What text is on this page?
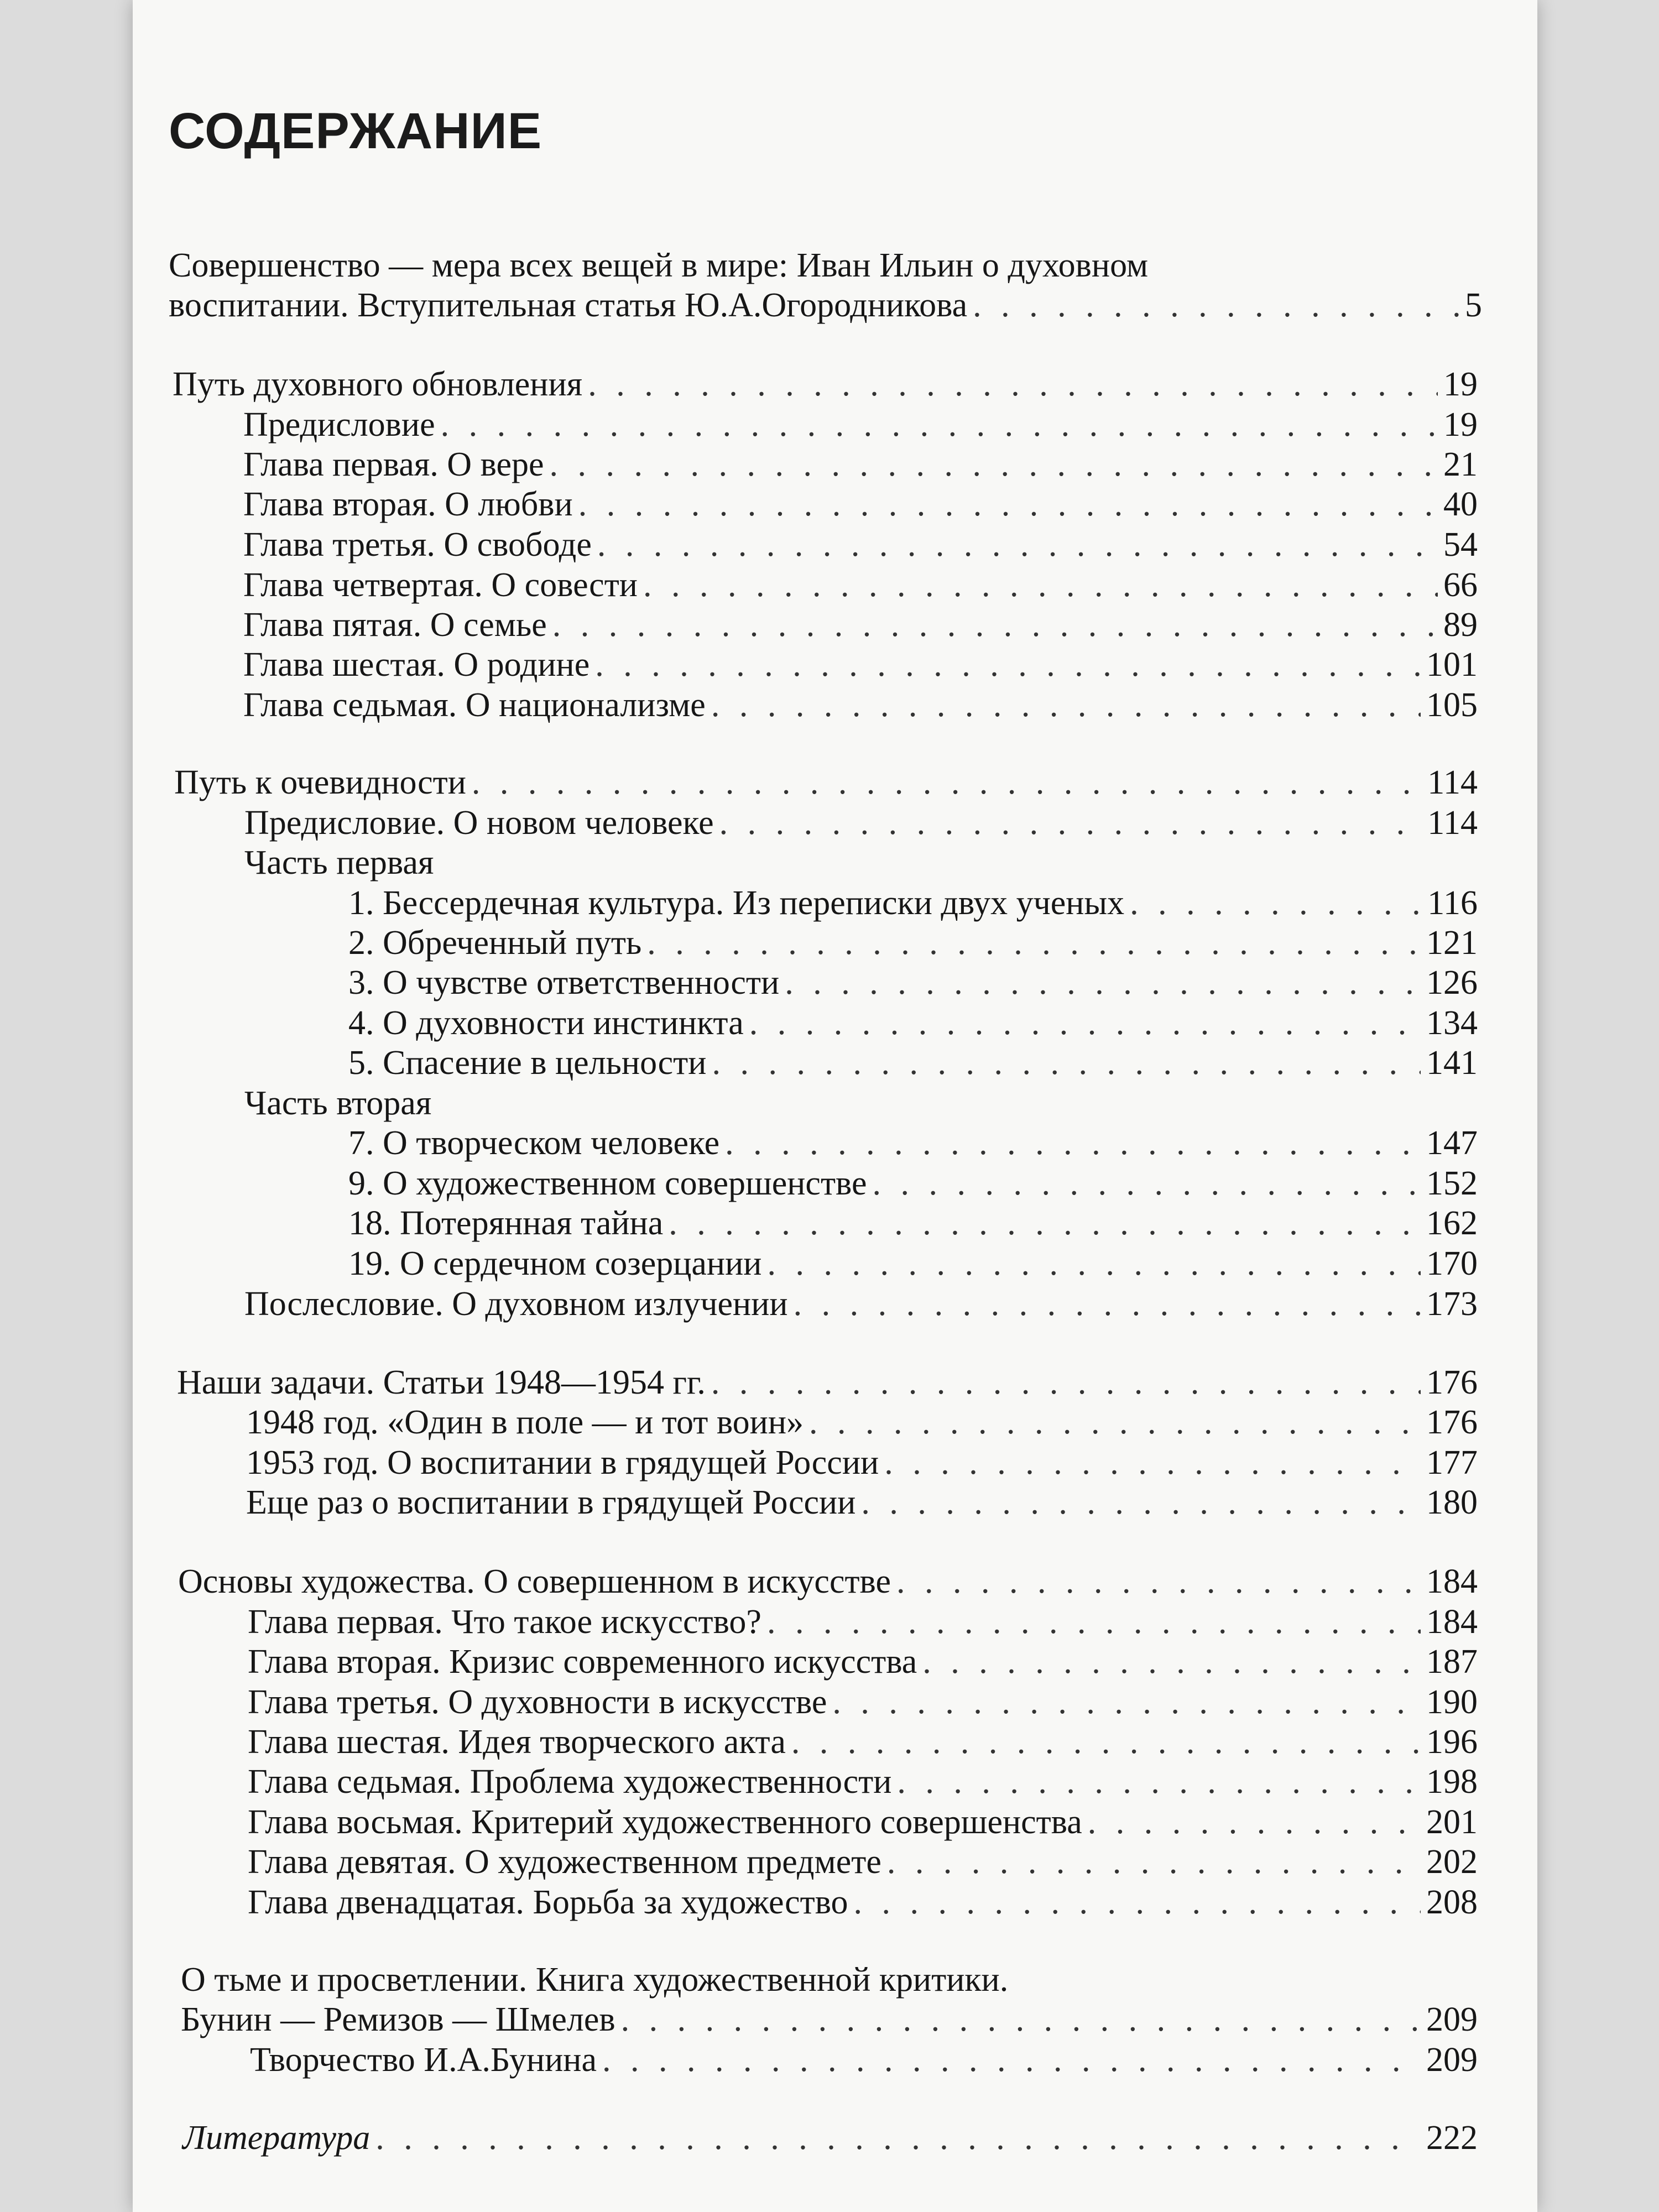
СОДЕРЖАНИЕ
Совершенство — мера всех вещей в мире: Иван Ильин о духовном
воспитании. Вступительная статья Ю.А.Огородникова . . .	5
Путь духовного обновления . . .	19
Предисловие . . .	19
Глава первая. О вере . . .	21
Глава вторая. О любви . . .	40
Глава третья. О свободе . . .	54
Глава четвертая. О совести . . .	66
Глава пятая. О семье . . .	89
Глава шестая. О родине . . .	101
Глава седьмая. О национализме . . .	105
Путь к очевидности . . .	114
Предисловие. О новом человеке . . .	114
Часть первая
1. Бессердечная культура. Из переписки двух ученых . . .	116
2. Обреченный путь . . .	121
3. О чувстве ответственности . . .	126
4. О духовности инстинкта . . .	134
5. Спасение в цельности . . .	141
Часть вторая
7. О творческом человеке . . .	147
9. О художественном совершенстве . . .	152
18. Потерянная тайна . . .	162
19. О сердечном созерцании . . .	170
Послесловие. О духовном излучении . . .	173
Наши задачи. Статьи 1948—1954 гг. . . .	176
1948 год. «Один в поле — и тот воин» . . .	176
1953 год. О воспитании в грядущей России . . .	177
Еще раз о воспитании в грядущей России . . .	180
Основы художества. О совершенном в искусстве . . .	184
Глава первая. Что такое искусство? . . .	184
Глава вторая. Кризис современного искусства . . .	187
Глава третья. О духовности в искусстве . . .	190
Глава шестая. Идея творческого акта . . .	196
Глава седьмая. Проблема художественности . . .	198
Глава восьмая. Критерий художественного совершенства . . .	201
Глава девятая. О художественном предмете . . .	202
Глава двенадцатая. Борьба за художество . . .	208
О тьме и просветлении. Книга художественной критики.
Бунин — Ремизов — Шмелев . . .	209
Творчество И.А.Бунина . . .	209
Литература . . .	222
